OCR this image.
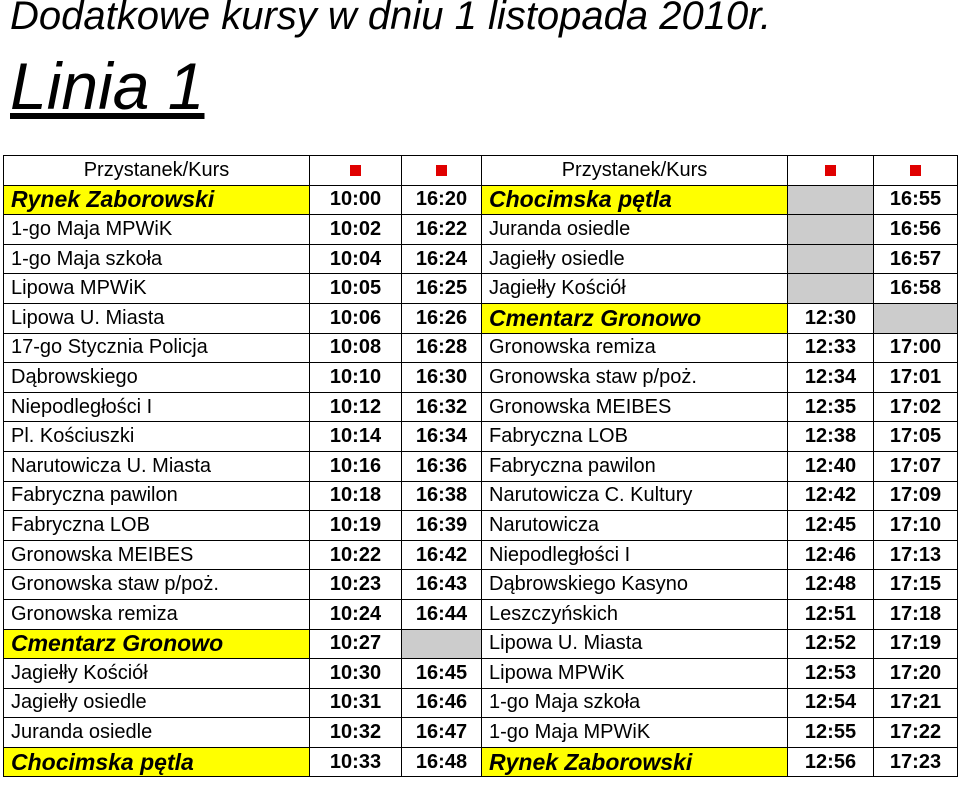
Dodatkowe kursy w dniu 1 listopada 2010r.
Linia 1
Przystanek/Kurs			Przystanek/Kurs		
Rynek Zaborowski	10:00	16:20	Chocimska pętla		16:55
1-go Maja MPWiK	10:02	16:22	Juranda osiedle		16:56
1-go Maja szkoła	10:04	16:24	Jagiełły osiedle		16:57
Lipowa MPWiK	10:05	16:25	Jagiełły Kościół		16:58
Lipowa U. Miasta	10:06	16:26	Cmentarz Gronowo	12:30	
17-go Stycznia Policja	10:08	16:28	Gronowska remiza	12:33	17:00
Dąbrowskiego	10:10	16:30	Gronowska staw p/poż.	12:34	17:01
Niepodległości I	10:12	16:32	Gronowska MEIBES	12:35	17:02
Pl. Kościuszki	10:14	16:34	Fabryczna LOB	12:38	17:05
Narutowicza U. Miasta	10:16	16:36	Fabryczna pawilon	12:40	17:07
Fabryczna pawilon	10:18	16:38	Narutowicza C. Kultury	12:42	17:09
Fabryczna LOB	10:19	16:39	Narutowicza	12:45	17:10
Gronowska MEIBES	10:22	16:42	Niepodległości I	12:46	17:13
Gronowska staw p/poż.	10:23	16:43	Dąbrowskiego Kasyno	12:48	17:15
Gronowska remiza	10:24	16:44	Leszczyńskich	12:51	17:18
Cmentarz Gronowo	10:27		Lipowa U. Miasta	12:52	17:19
Jagiełły Kościół	10:30	16:45	Lipowa MPWiK	12:53	17:20
Jagiełły osiedle	10:31	16:46	1-go Maja szkoła	12:54	17:21
Juranda osiedle	10:32	16:47	1-go Maja MPWiK	12:55	17:22
Chocimska pętla	10:33	16:48	Rynek Zaborowski	12:56	17:23
